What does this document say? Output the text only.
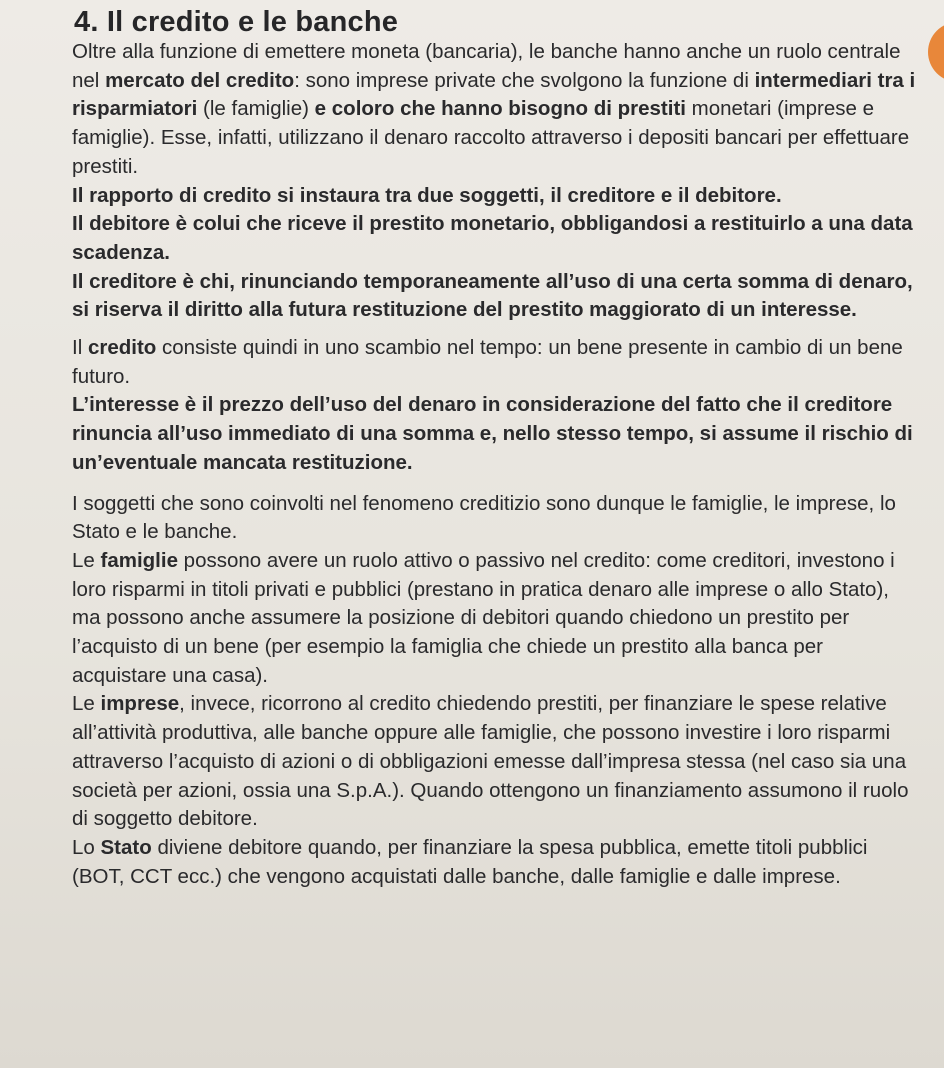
4. Il credito e le banche

Oltre alla funzione di emettere moneta (bancaria), le banche hanno anche un ruolo centrale nel mercato del credito: sono imprese private che svolgono la funzione di intermediari tra i risparmiatori (le famiglie) e coloro che hanno bisogno di prestiti monetari (imprese e famiglie). Esse, infatti, utilizzano il denaro raccolto attraverso i depositi bancari per effettuare prestiti.

Il rapporto di credito si instaura tra due soggetti, il creditore e il debitore.

Il debitore è colui che riceve il prestito monetario, obbligandosi a restituirlo a una data scadenza.

Il creditore è chi, rinunciando temporaneamente all’uso di una certa somma di denaro, si riserva il diritto alla futura restituzione del prestito maggiorato di un interesse.

Il credito consiste quindi in uno scambio nel tempo: un bene presente in cambio di un bene futuro.

L’interesse è il prezzo dell’uso del denaro in considerazione del fatto che il creditore rinuncia all’uso immediato di una somma e, nello stesso tempo, si assume il rischio di un’eventuale mancata restituzione.

I soggetti che sono coinvolti nel fenomeno creditizio sono dunque le famiglie, le imprese, lo Stato e le banche.

Le famiglie possono avere un ruolo attivo o passivo nel credito: come creditori, investono i loro risparmi in titoli privati e pubblici (prestano in pratica denaro alle imprese o allo Stato), ma possono anche assumere la posizione di debitori quando chiedono un prestito per l’acquisto di un bene (per esempio la famiglia che chiede un prestito alla banca per acquistare una casa).

Le imprese, invece, ricorrono al credito chiedendo prestiti, per finanziare le spese relative all’attività produttiva, alle banche oppure alle famiglie, che possono investire i loro risparmi attraverso l’acquisto di azioni o di obbligazioni emesse dall’impresa stessa (nel caso sia una società per azioni, ossia una S.p.A.). Quando ottengono un finanziamento assumono il ruolo di soggetto debitore.

Lo Stato diviene debitore quando, per finanziare la spesa pubblica, emette titoli pubblici (BOT, CCT ecc.) che vengono acquistati dalle banche, dalle famiglie e dalle imprese.
